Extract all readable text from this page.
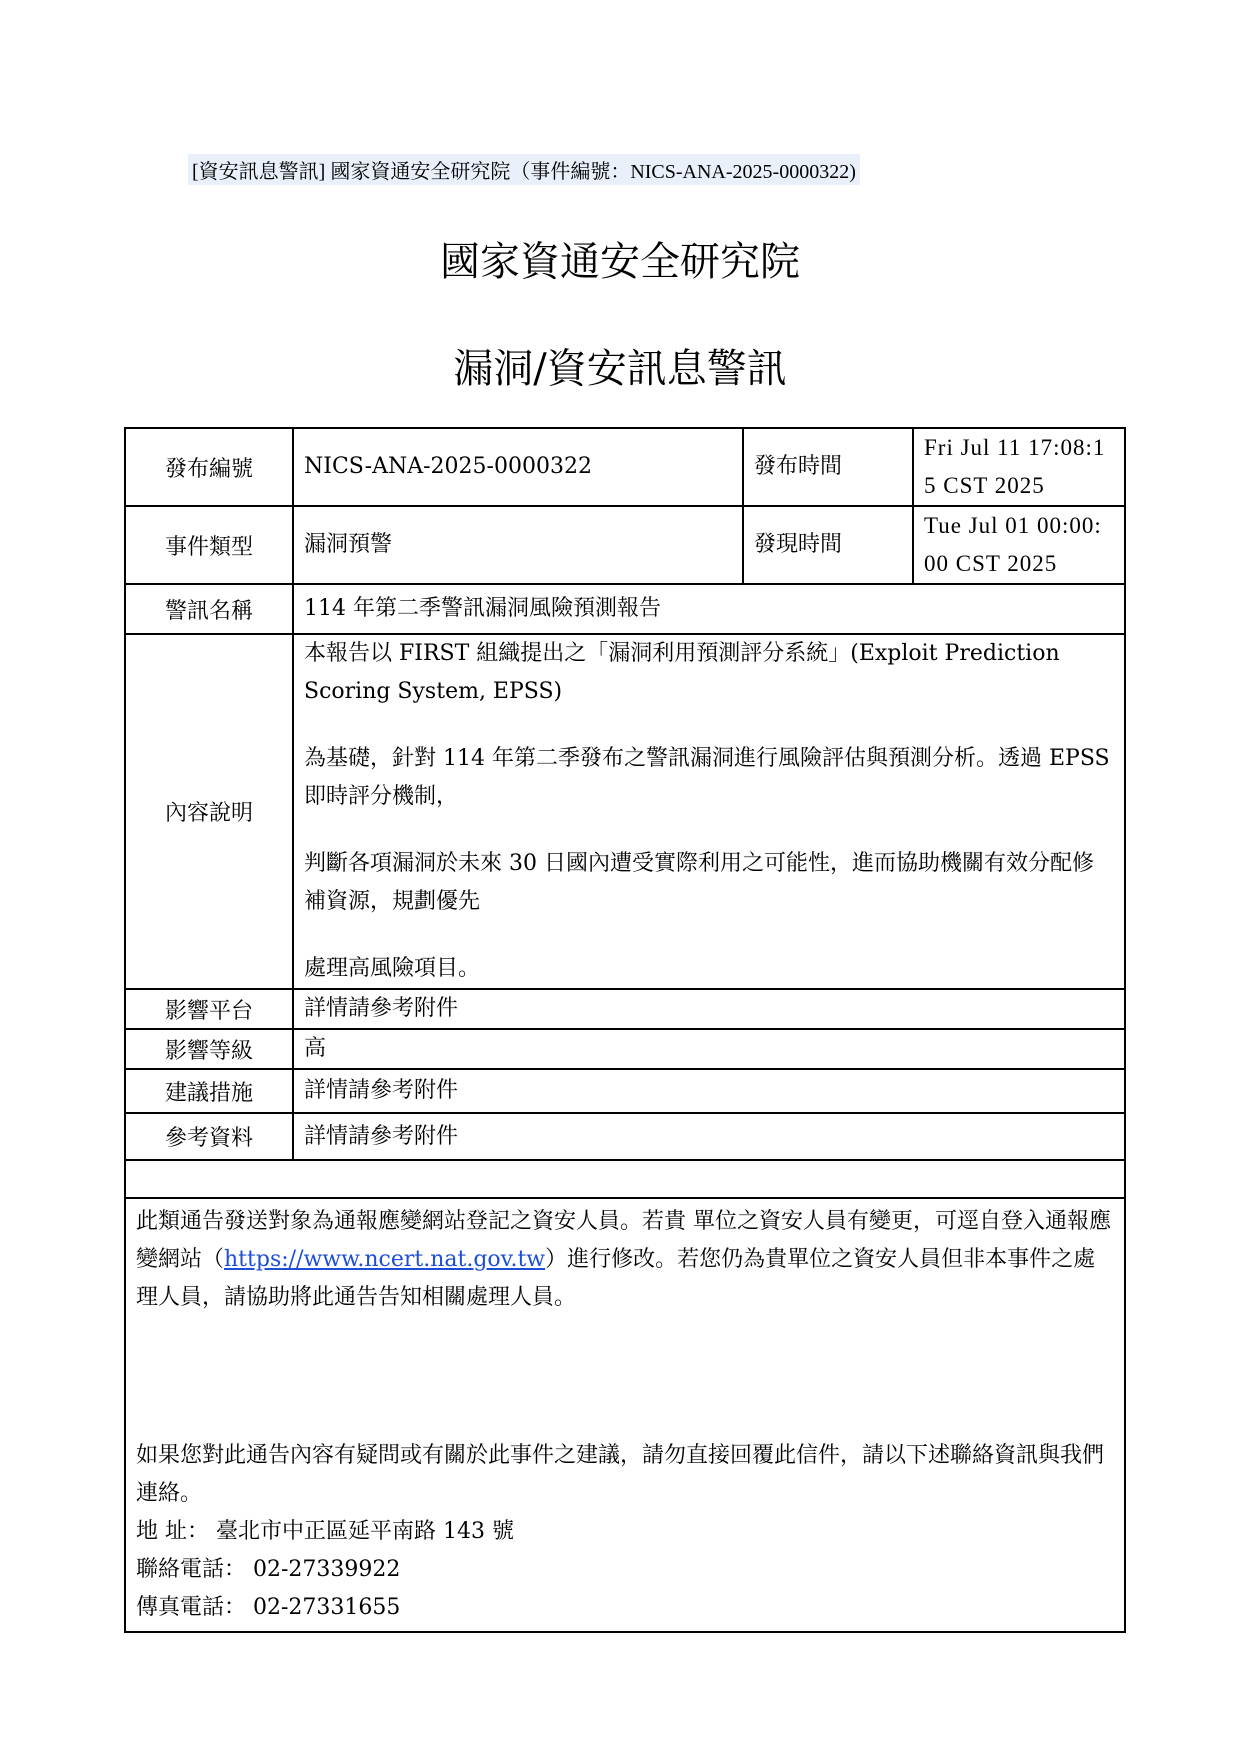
[資安訊息警訊] 國家資通安全研究院（事件編號：NICS-ANA-2025-0000322)
國家資通安全研究院
漏洞/資安訊息警訊
發布編號	NICS-ANA-2025-0000322	發布時間	Fri Jul 11 17:08:15 CST 2025
事件類型	漏洞預警	發現時間	Tue Jul 01 00:00:00 CST 2025
警訊名稱	114 年第二季警訊漏洞風險預測報告		
內容說明	本報告以 FIRST 組織提出之「漏洞利用預測評分系統」(Exploit Prediction Scoring System, EPSS)

為基礎，針對 114 年第二季發布之警訊漏洞進行風險評估與預測分析。透過 EPSS 即時評分機制，

判斷各項漏洞於未來 30 日國內遭受實際利用之可能性，進而協助機關有效分配修補資源，規劃優先

處理高風險項目。		

影響平台	詳情請參考附件		
影響等級	高		
建議措施	詳情請參考附件		
參考資料	詳情請參考附件		

此類通告發送對象為通報應變網站登記之資安人員。若貴 單位之資安人員有變更，可逕自登入通報應變網站（https://www.ncert.nat.gov.tw）進行修改。若您仍為貴單位之資安人員但非本事件之處理人員，請協助將此通告告知相關處理人員。

如果您對此通告內容有疑問或有關於此事件之建議，請勿直接回覆此信件，請以下述聯絡資訊與我們連絡。

地 址： 臺北市中正區延平南路 143 號

聯絡電話： 02-27339922

傳真電話： 02-27331655			
